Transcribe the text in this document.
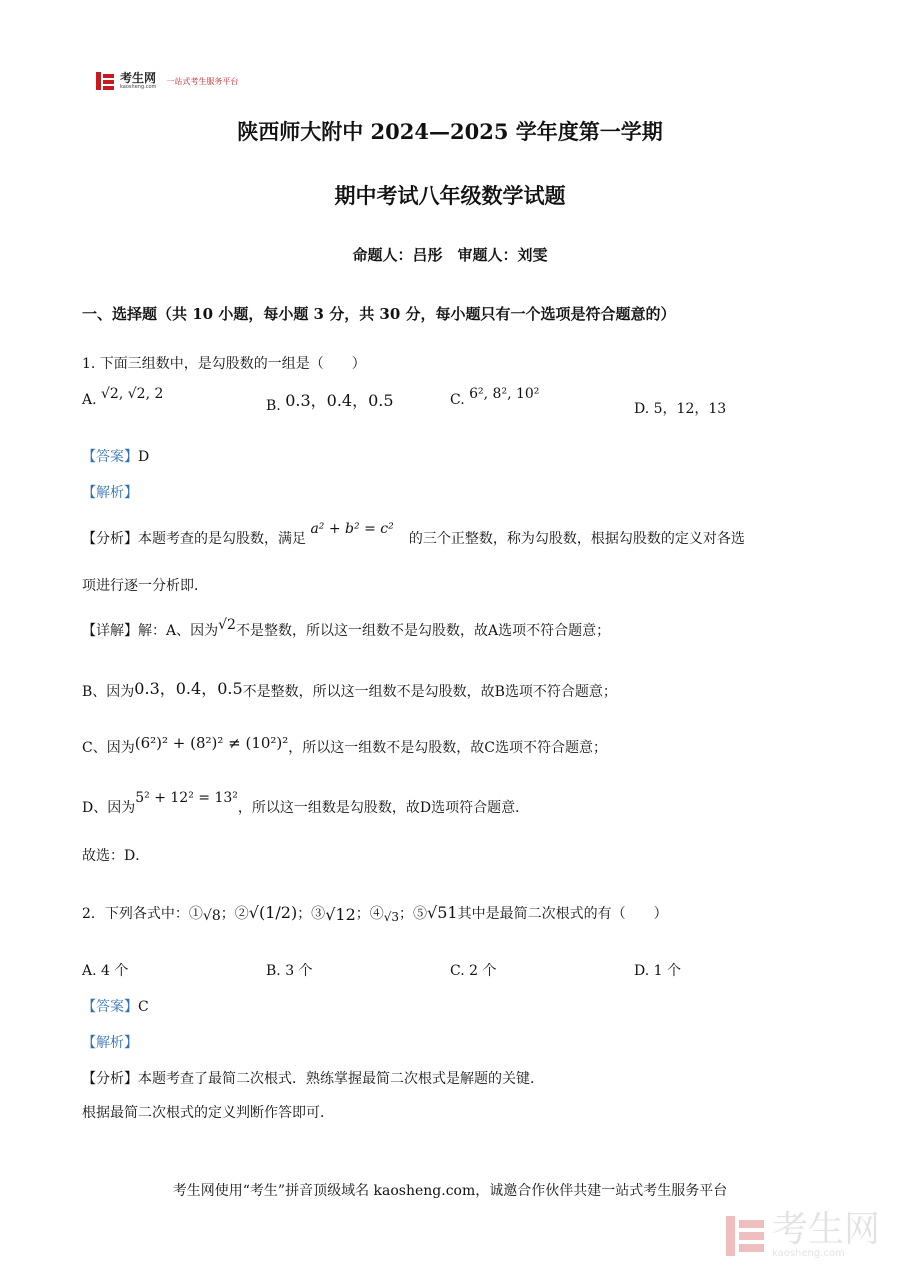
考生网
kaosheng.com
一站式考生服务平台
陕西师大附中 2024—2025 学年度第一学期
期中考试八年级数学试题
命题人：吕彤　审题人：刘雯
一、选择题（共 10 小题，每小题 3 分，共 30 分，每小题只有一个选项是符合题意的）
1. 下面三组数中，是勾股数的一组是（　　）
A. √2, √2, 2
B. 0.3，0.4，0.5	C. 6², 8², 10²
D. 5，12，13
【答案】D
【解析】
【分析】本题考查的是勾股数，满足 a² + b² = c² 的三个正整数，称为勾股数，根据勾股数的定义对各选
项进行逐一分析即．
【详解】解：A、因为√2不是整数，所以这一组数不是勾股数，故A选项不符合题意；
B、因为0.3，0.4，0.5不是整数，所以这一组数不是勾股数，故B选项不符合题意；
C、因为(6²)² + (8²)² ≠ (10²)²，所以这一组数不是勾股数，故C选项不符合题意；
D、因为5² + 12² = 13²，所以这一组数是勾股数，故D选项符合题意．
故选：D．
2．下列各式中：①√8；②√(1/2)；③√12；④√3；⑤√51其中是最简二次根式的有（　　）
A. 4 个	B. 3 个	C. 2 个	D. 1 个
【答案】C
【解析】
【分析】本题考查了最简二次根式．熟练掌握最简二次根式是解题的关键．
根据最简二次根式的定义判断作答即可．
考生网使用“考生”拼音顶级域名 kaosheng.com，诚邀合作伙伴共建一站式考生服务平台
考生网
kaosheng.com
